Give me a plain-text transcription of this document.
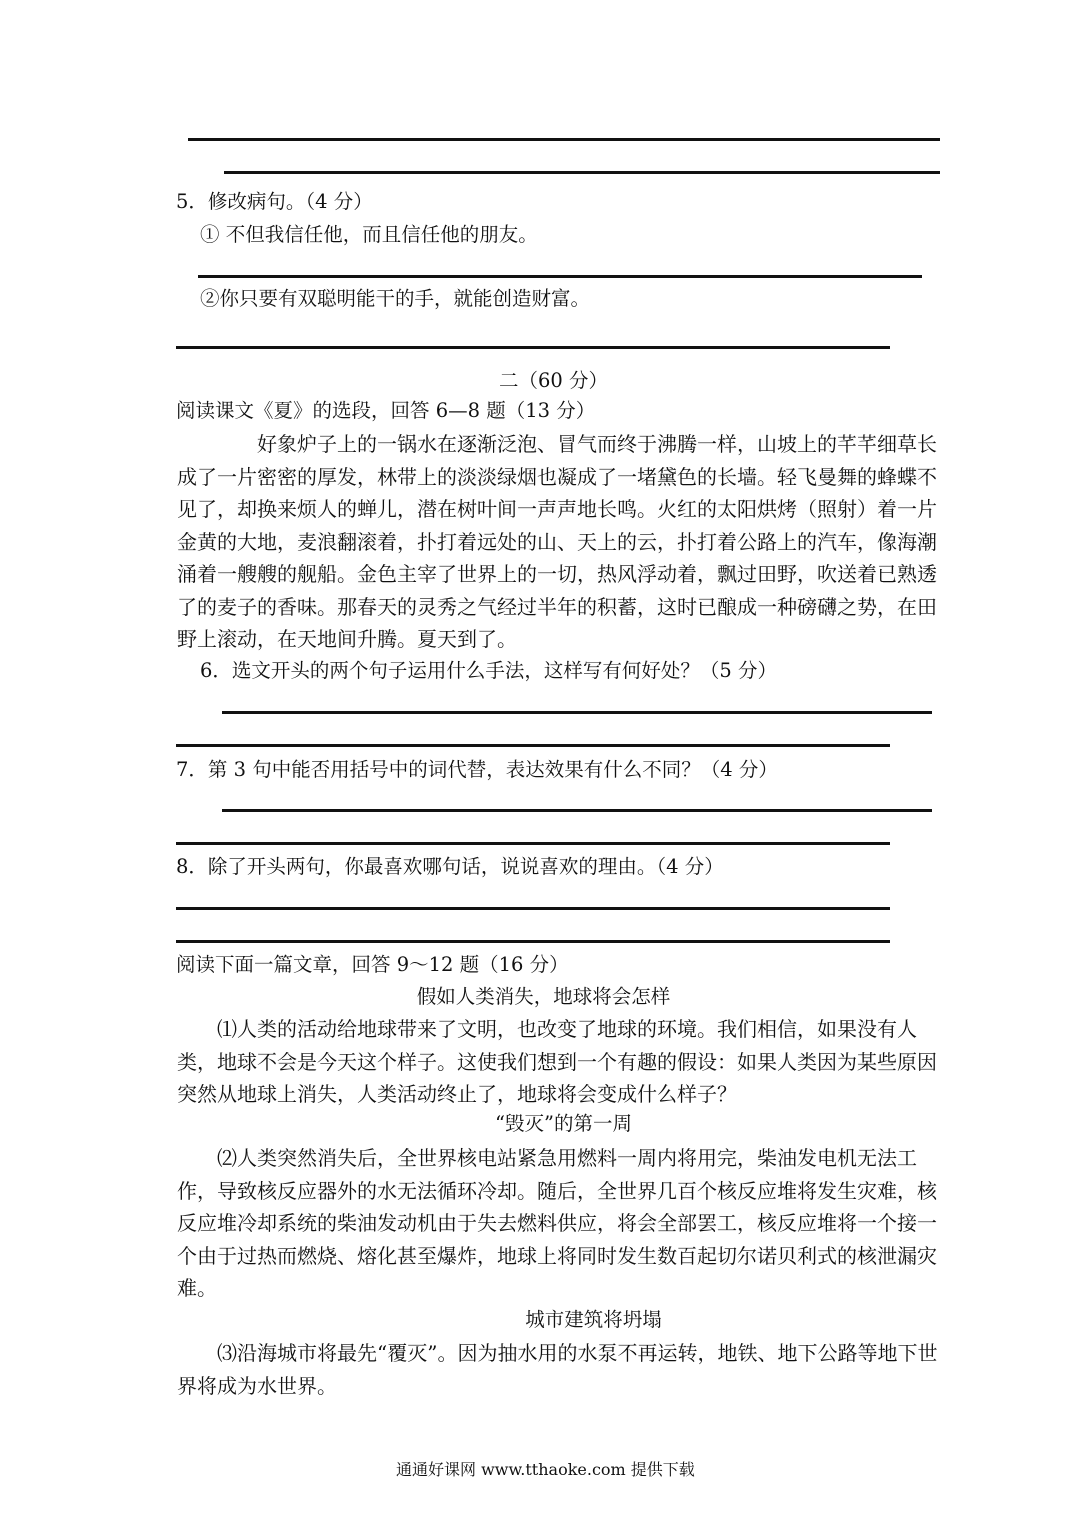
5．修改病句。（4 分）
① 不但我信任他，而且信任他的朋友。
②你只要有双聪明能干的手，就能创造财富。
二（60 分）
阅读课文《夏》的选段，回答 6—8 题（13 分）
好象炉子上的一锅水在逐渐泛泡、冒气而终于沸腾一样，山坡上的芊芊细草长成了一片密密的厚发，林带上的淡淡绿烟也凝成了一堵黛色的长墙。轻飞曼舞的蜂蝶不见了，却换来烦人的蝉儿，潜在树叶间一声声地长鸣。火红的太阳烘烤（照射）着一片金黄的大地，麦浪翻滚着，扑打着远处的山、天上的云，扑打着公路上的汽车，像海潮涌着一艘艘的舰船。金色主宰了世界上的一切，热风浮动着，飘过田野，吹送着已熟透了的麦子的香味。那春天的灵秀之气经过半年的积蓄，这时已酿成一种磅礴之势，在田野上滚动，在天地间升腾。夏天到了。
6．选文开头的两个句子运用什么手法，这样写有何好处？（5 分）
7．第 3 句中能否用括号中的词代替，表达效果有什么不同？（4 分）
8．除了开头两句，你最喜欢哪句话，说说喜欢的理由。（4 分）
阅读下面一篇文章，回答 9～12 题（16 分）
假如人类消失，地球将会怎样
⑴人类的活动给地球带来了文明，也改变了地球的环境。我们相信，如果没有人类，地球不会是今天这个样子。这使我们想到一个有趣的假设：如果人类因为某些原因突然从地球上消失，人类活动终止了，地球将会变成什么样子？
“毁灭”的第一周
⑵人类突然消失后，全世界核电站紧急用燃料一周内将用完，柴油发电机无法工作，导致核反应器外的水无法循环冷却。随后，全世界几百个核反应堆将发生灾难，核反应堆冷却系统的柴油发动机由于失去燃料供应，将会全部罢工，核反应堆将一个接一个由于过热而燃烧、熔化甚至爆炸，地球上将同时发生数百起切尔诺贝利式的核泄漏灾难。
城市建筑将坍塌
⑶沿海城市将最先“覆灭”。因为抽水用的水泵不再运转，地铁、地下公路等地下世界将成为水世界。
通通好课网 www.tthaoke.com 提供下载
